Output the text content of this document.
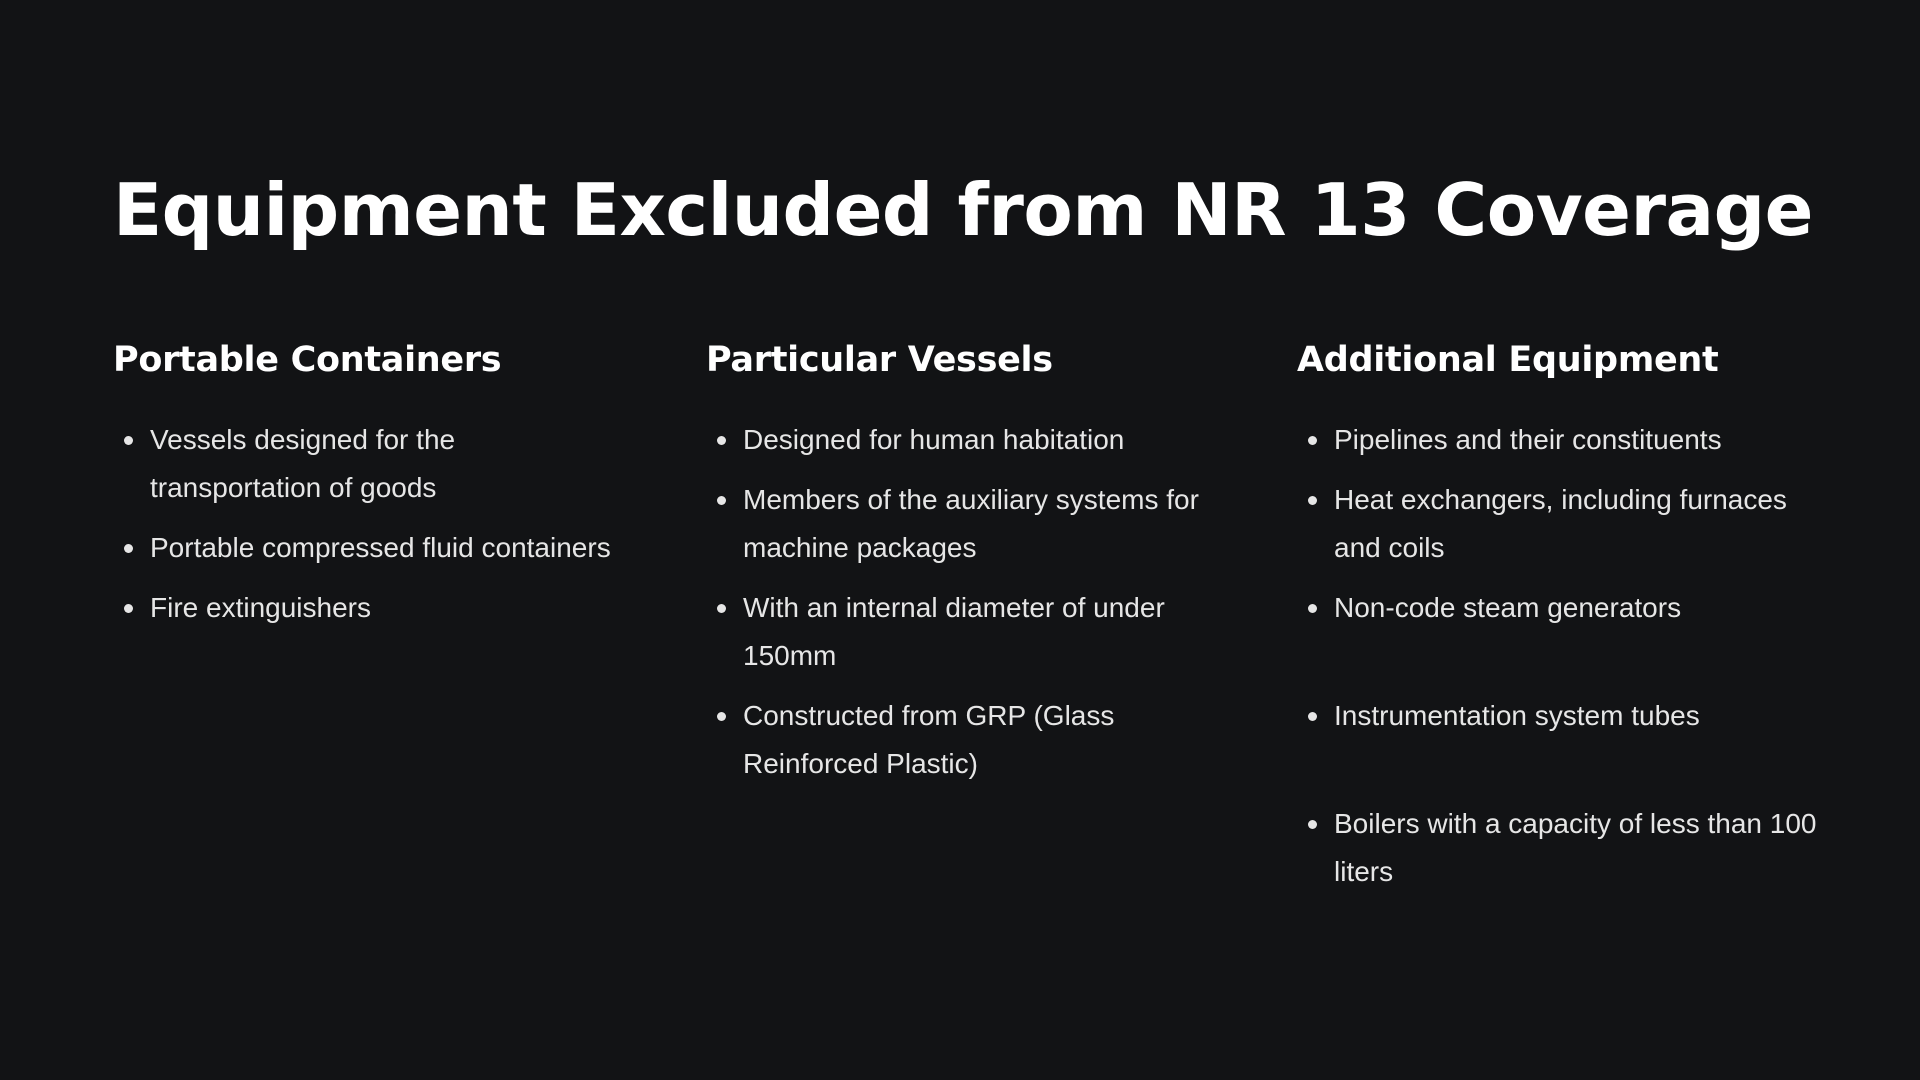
Equipment Excluded from NR 13 Coverage
Portable Containers
Vessels designed for the transportation of goods
Portable compressed fluid containers
Fire extinguishers
Particular Vessels
Designed for human habitation
Members of the auxiliary systems for machine packages
With an internal diameter of under 150mm
Constructed from GRP (Glass Reinforced Plastic)
Additional Equipment
Pipelines and their constituents
Heat exchangers, including furnaces and coils
Non-code steam generators
Instrumentation system tubes
Boilers with a capacity of less than 100 liters
